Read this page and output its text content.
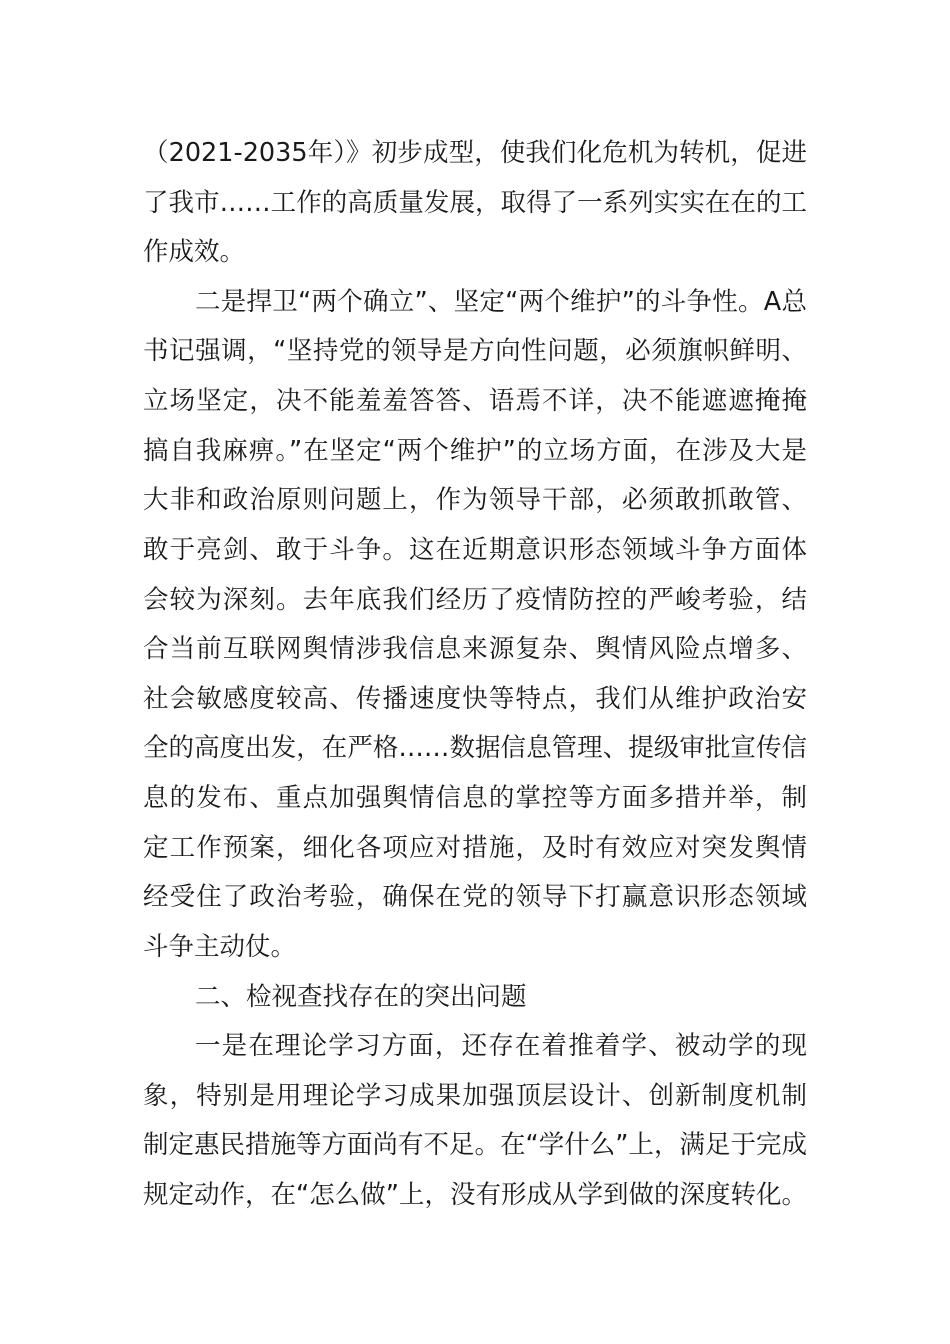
（2021-2035年）》初步成型，使我们化危机为转机，促进
了我市……工作的高质量发展，取得了一系列实实在在的工
作成效。
二是捍卫“两个确立”、坚定“两个维护”的斗争性。A总
书记强调，“坚持党的领导是方向性问题，必须旗帜鲜明、
立场坚定，决不能羞羞答答、语焉不详，决不能遮遮掩掩
搞自我麻痹。”在坚定“两个维护”的立场方面，在涉及大是
大非和政治原则问题上，作为领导干部，必须敢抓敢管、
敢于亮剑、敢于斗争。这在近期意识形态领域斗争方面体
会较为深刻。去年底我们经历了疫情防控的严峻考验，结
合当前互联网舆情涉我信息来源复杂、舆情风险点增多、
社会敏感度较高、传播速度快等特点，我们从维护政治安
全的高度出发，在严格……数据信息管理、提级审批宣传信
息的发布、重点加强舆情信息的掌控等方面多措并举，制
定工作预案，细化各项应对措施，及时有效应对突发舆情
经受住了政治考验，确保在党的领导下打赢意识形态领域
斗争主动仗。
二、检视查找存在的突出问题
一是在理论学习方面，还存在着推着学、被动学的现
象，特别是用理论学习成果加强顶层设计、创新制度机制
制定惠民措施等方面尚有不足。在“学什么”上，满足于完成
规定动作，在“怎么做”上，没有形成从学到做的深度转化。
